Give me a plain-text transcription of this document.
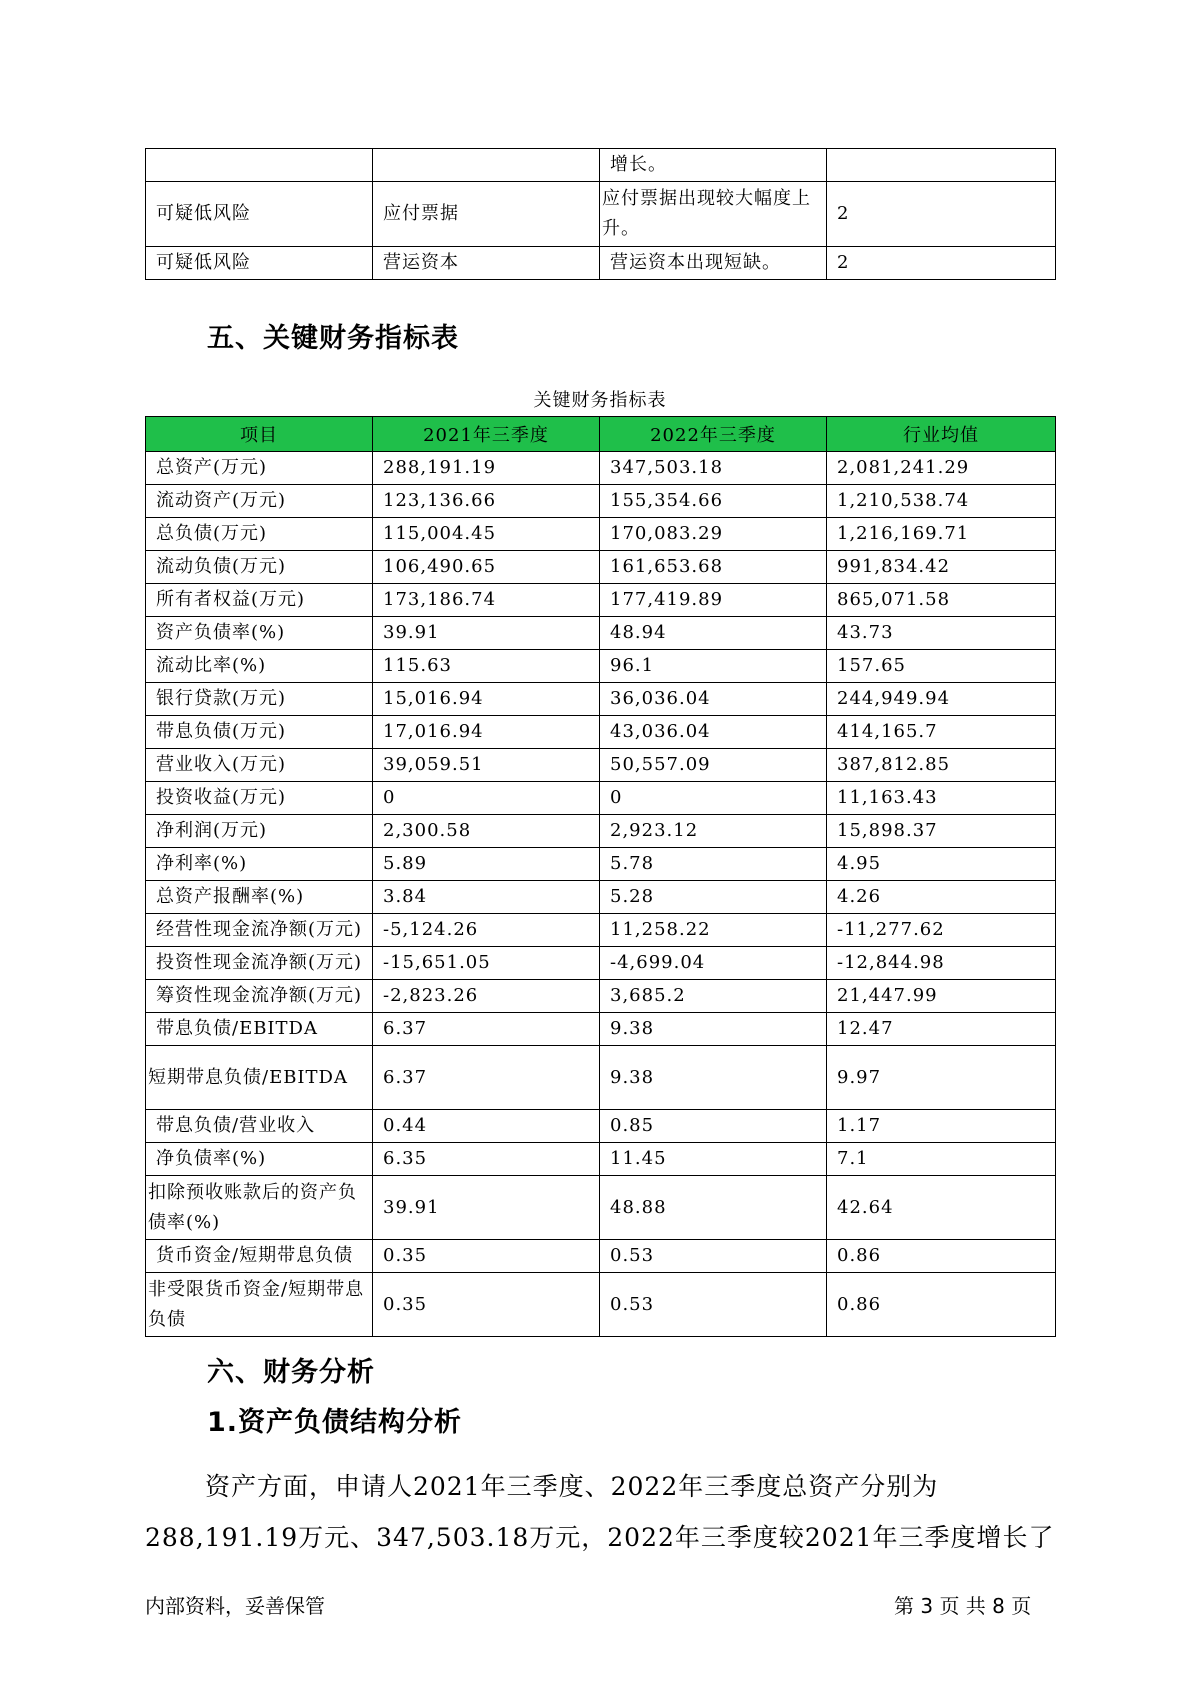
		增长。	
可疑低风险	应付票据	应付票据出现较大幅度上升。	2
可疑低风险	营运资本	营运资本出现短缺。	2
五、关键财务指标表
关键财务指标表
项目	2021年三季度	2022年三季度	行业均值
总资产(万元)	288,191.19	347,503.18	2,081,241.29
流动资产(万元)	123,136.66	155,354.66	1,210,538.74
总负债(万元)	115,004.45	170,083.29	1,216,169.71
流动负债(万元)	106,490.65	161,653.68	991,834.42
所有者权益(万元)	173,186.74	177,419.89	865,071.58
资产负债率(%)	39.91	48.94	43.73
流动比率(%)	115.63	96.1	157.65
银行贷款(万元)	15,016.94	36,036.04	244,949.94
带息负债(万元)	17,016.94	43,036.04	414,165.7
营业收入(万元)	39,059.51	50,557.09	387,812.85
投资收益(万元)	0	0	11,163.43
净利润(万元)	2,300.58	2,923.12	15,898.37
净利率(%)	5.89	5.78	4.95
总资产报酬率(%)	3.84	5.28	4.26
经营性现金流净额(万元)	-5,124.26	11,258.22	-11,277.62
投资性现金流净额(万元)	-15,651.05	-4,699.04	-12,844.98
筹资性现金流净额(万元)	-2,823.26	3,685.2	21,447.99
带息负债/EBITDA	6.37	9.38	12.47
短期带息负债/EBITDA	6.37	9.38	9.97
带息负债/营业收入	0.44	0.85	1.17
净负债率(%)	6.35	11.45	7.1
扣除预收账款后的资产负债率(%)	39.91	48.88	42.64
货币资金/短期带息负债	0.35	0.53	0.86
非受限货币资金/短期带息负债	0.35	0.53	0.86
六、财务分析
1.资产负债结构分析
资产方面，申请人2021年三季度、2022年三季度总资产分别为
288,191.19万元、347,503.18万元，2022年三季度较2021年三季度增长了
内部资料，妥善保管	第 3 页 共 8 页
